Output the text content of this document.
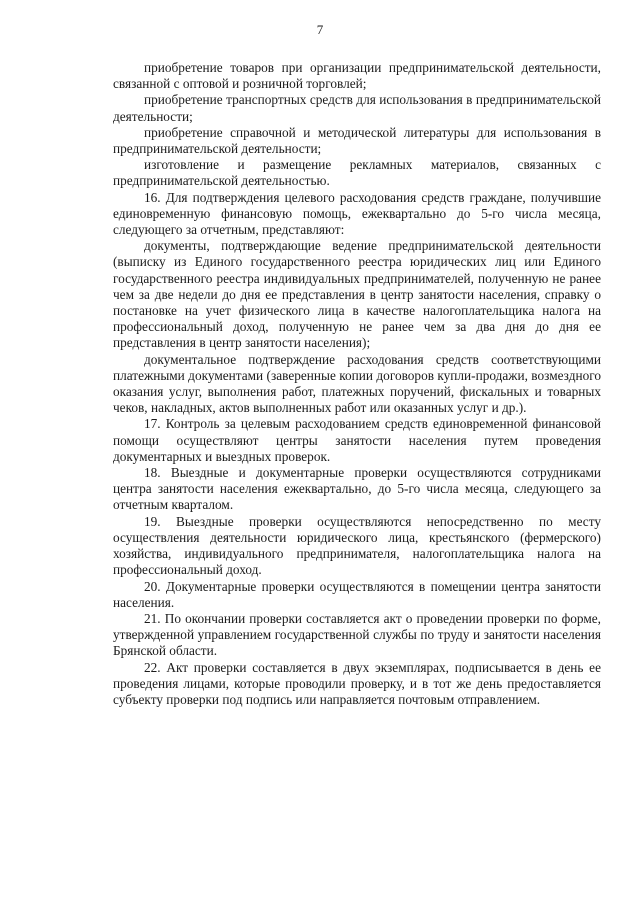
7

приобретение товаров при организации предпринимательской деятельности, связанной с оптовой и розничной торговлей;

приобретение транспортных средств для использования в предпринимательской деятельности;

приобретение справочной и методической литературы для использования в предпринимательской деятельности;

изготовление и размещение рекламных материалов, связанных с предпринимательской деятельностью.

16. Для подтверждения целевого расходования средств граждане, получившие единовременную финансовую помощь, ежеквартально до 5-го числа месяца, следующего за отчетным, представляют:

документы, подтверждающие ведение предпринимательской деятельности (выписку из Единого государственного реестра юридических лиц или Единого государственного реестра индивидуальных предпринимателей, полученную не ранее чем за две недели до дня ее представления в центр занятости населения, справку о постановке на учет физического лица в качестве налогоплательщика налога на профессиональный доход, полученную не ранее чем за два дня до дня ее представления в центр занятости населения);

документальное подтверждение расходования средств соответствующими платежными документами (заверенные копии договоров купли-продажи, возмездного оказания услуг, выполнения работ, платежных поручений, фискальных и товарных чеков, накладных, актов выполненных работ или оказанных услуг и др.).

17. Контроль за целевым расходованием средств единовременной финансовой помощи осуществляют центры занятости населения путем проведения документарных и выездных проверок.

18. Выездные и документарные проверки осуществляются сотрудниками центра занятости населения ежеквартально, до 5-го числа месяца, следующего за отчетным кварталом.

19. Выездные проверки осуществляются непосредственно по месту осуществления деятельности юридического лица, крестьянского (фермерского) хозяйства, индивидуального предпринимателя, налогоплательщика налога на профессиональный доход.

20. Документарные проверки осуществляются в помещении центра занятости населения.

21. По окончании проверки составляется акт о проведении проверки по форме, утвержденной управлением государственной службы по труду и занятости населения Брянской области.

22. Акт проверки составляется в двух экземплярах, подписывается в день ее проведения лицами, которые проводили проверку, и в тот же день предоставляется субъекту проверки под подпись или направляется почтовым отправлением.
